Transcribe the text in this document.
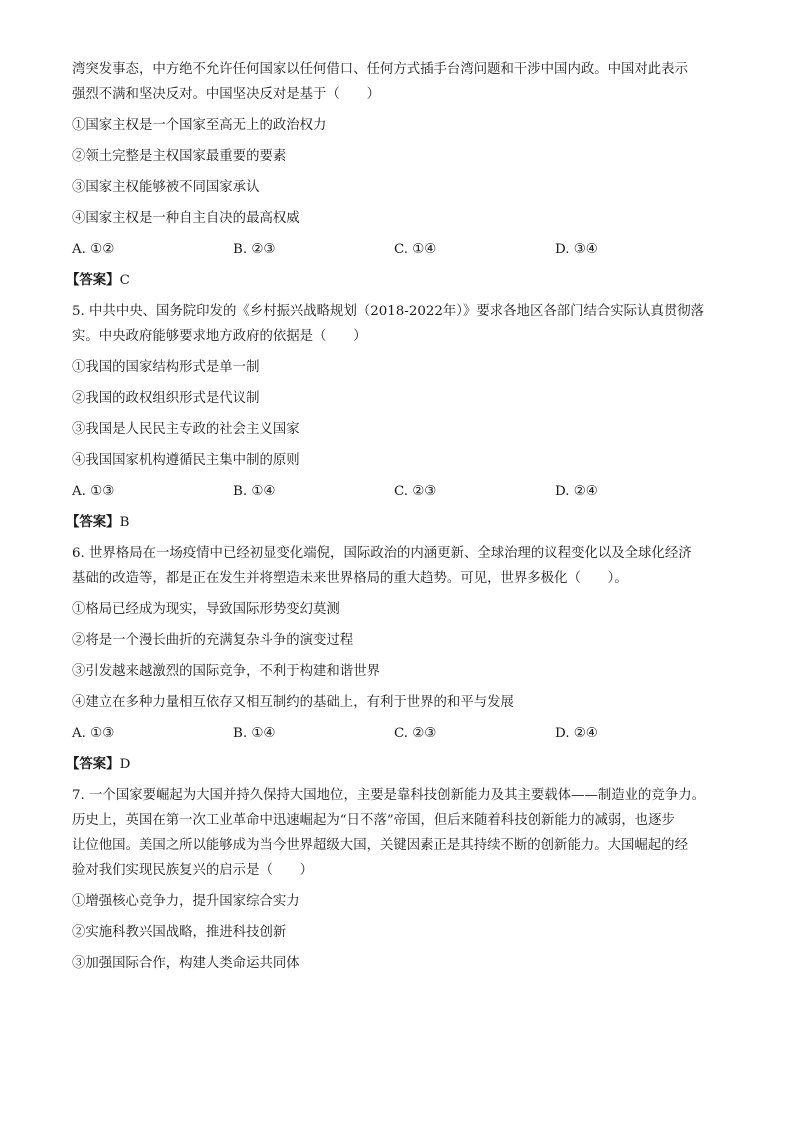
湾突发事态，中方绝不允许任何国家以任何借口、任何方式插手台湾问题和干涉中国内政。中国对此表示

强烈不满和坚决反对。中国坚决反对是基于（　　）

①国家主权是一个国家至高无上的政治权力

②领土完整是主权国家最重要的要素

③国家主权能够被不同国家承认

④国家主权是一种自主自决的最高权威

A. ①②	B. ②③	C. ①④	D. ③④

【答案】C

5. 中共中央、国务院印发的《乡村振兴战略规划（2018-2022年）》要求各地区各部门结合实际认真贯彻落

实。中央政府能够要求地方政府的依据是（　　）

①我国的国家结构形式是单一制

②我国的政权组织形式是代议制

③我国是人民民主专政的社会主义国家

④我国国家机构遵循民主集中制的原则

A. ①③	B. ①④	C. ②③	D. ②④

【答案】B

6. 世界格局在一场疫情中已经初显变化端倪，国际政治的内涵更新、全球治理的议程变化以及全球化经济

基础的改造等，都是正在发生并将塑造未来世界格局的重大趋势。可见，世界多极化（　　）。

①格局已经成为现实，导致国际形势变幻莫测

②将是一个漫长曲折的充满复杂斗争的演变过程

③引发越来越激烈的国际竞争，不利于构建和谐世界

④建立在多种力量相互依存又相互制约的基础上，有利于世界的和平与发展

A. ①③	B. ①④	C. ②③	D. ②④

【答案】D

7. 一个国家要崛起为大国并持久保持大国地位，主要是靠科技创新能力及其主要载体——制造业的竞争力。

历史上，英国在第一次工业革命中迅速崛起为“日不落”帝国，但后来随着科技创新能力的减弱，也逐步

让位他国。美国之所以能够成为当今世界超级大国，关键因素正是其持续不断的创新能力。大国崛起的经

验对我们实现民族复兴的启示是（　　）

①增强核心竞争力，提升国家综合实力

②实施科教兴国战略，推进科技创新

③加强国际合作，构建人类命运共同体
